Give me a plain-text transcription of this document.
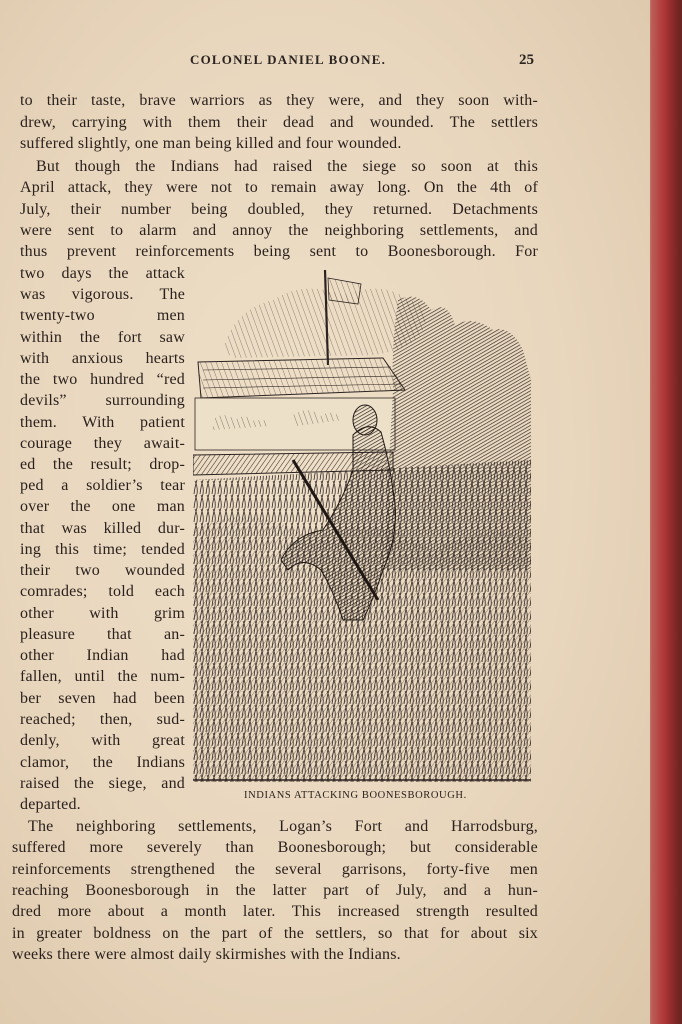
COLONEL DANIEL BOONE.	25
to their taste, brave warriors as they were, and they soon with-
drew, carrying with them their dead and wounded. The settlers
suffered slightly, one man being killed and four wounded.
But though the Indians had raised the siege so soon at this
April attack, they were not to remain away long. On the 4th of
July, their number being doubled, they returned. Detachments
were sent to alarm and annoy the neighboring settlements, and
thus prevent reinforcements being sent to Boonesborough. For
two days the attack
was vigorous. The
twenty-two men
within the fort saw
with anxious hearts
the two hundred “red
devils” surrounding
them. With patient
courage they await-
ed the result; drop-
ped a soldier’s tear
over the one man
that was killed dur-
ing this time; tended
their two wounded
comrades; told each
other with grim
pleasure that an-
other Indian had
fallen, until the num-
ber seven had been
reached; then, sud-
denly, with great
clamor, the Indians
raised the siege, and
departed.
INDIANS ATTACKING BOONESBOROUGH.
The neighboring settlements, Logan’s Fort and Harrodsburg,
suffered more severely than Boonesborough; but considerable
reinforcements strengthened the several garrisons, forty-five men
reaching Boonesborough in the latter part of July, and a hun-
dred more about a month later. This increased strength resulted
in greater boldness on the part of the settlers, so that for about six
weeks there were almost daily skirmishes with the Indians.
